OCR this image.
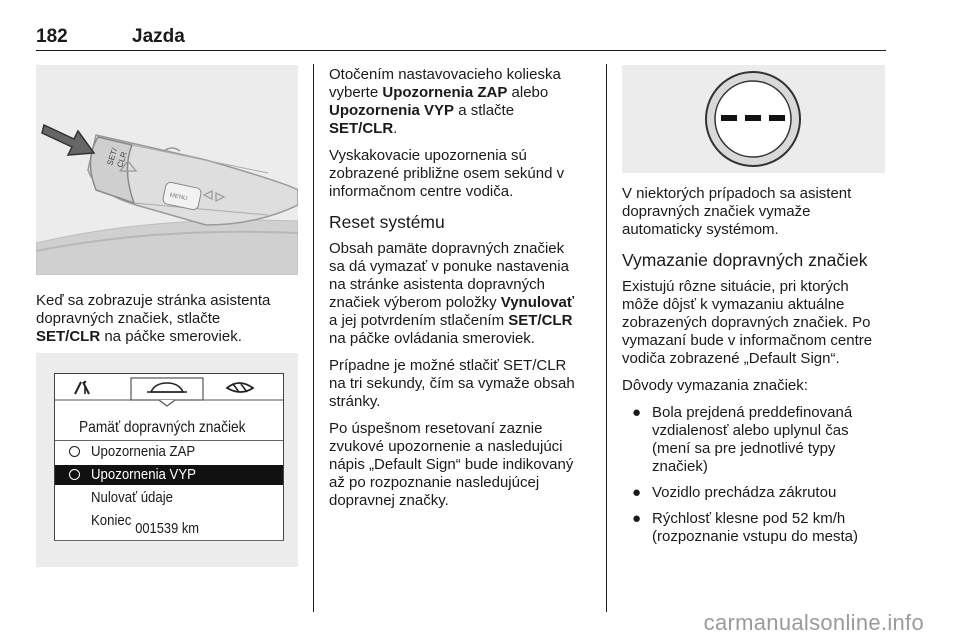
182	Jazda
SET/
CLR
MENU

Keď sa zobrazuje stránka asistenta
dopravných značiek, stlačte
SET/CLR na páčke smeroviek.

Pamäť dopravných značiek
Upozornenia ZAP
Upozornenia VYP
Nulovať údaje
Koniec 001539 km

Otočením nastavovacieho kolieska
vyberte Upozornenia ZAP alebo
Upozornenia VYP a stlačte
SET/CLR.

Vyskakovacie upozornenia sú
zobrazené približne osem sekúnd v
informačnom centre vodiča.

Reset systému

Obsah pamäte dopravných značiek
sa dá vymazať v ponuke nastavenia
na stránke asistenta dopravných
značiek výberom položky Vynulovať
a jej potvrdením stlačením SET/CLR
na páčke ovládania smeroviek.

Prípadne je možné stlačiť SET/CLR
na tri sekundy, čím sa vymaže obsah
stránky.

Po úspešnom resetovaní zaznie
zvukové upozornenie a nasledujúci
nápis „Default Sign“ bude indikovaný
až po rozpoznanie nasledujúcej
dopravnej značky.

V niektorých prípadoch sa asistent
dopravných značiek vymaže
automaticky systémom.

Vymazanie dopravných značiek

Existujú rôzne situácie, pri ktorých
môže dôjsť k vymazaniu aktuálne
zobrazených dopravných značiek. Po
vymazaní bude v informačnom centre
vodiča zobrazené „Default Sign“.

Dôvody vymazania značiek:

● Bola prejdená preddefinovaná
vzdialenosť alebo uplynul čas
(mení sa pre jednotlivé typy
značiek)
● Vozidlo prechádza zákrutou
● Rýchlosť klesne pod 52 km/h
(rozpoznanie vstupu do mesta)
carmanualsonline.info
